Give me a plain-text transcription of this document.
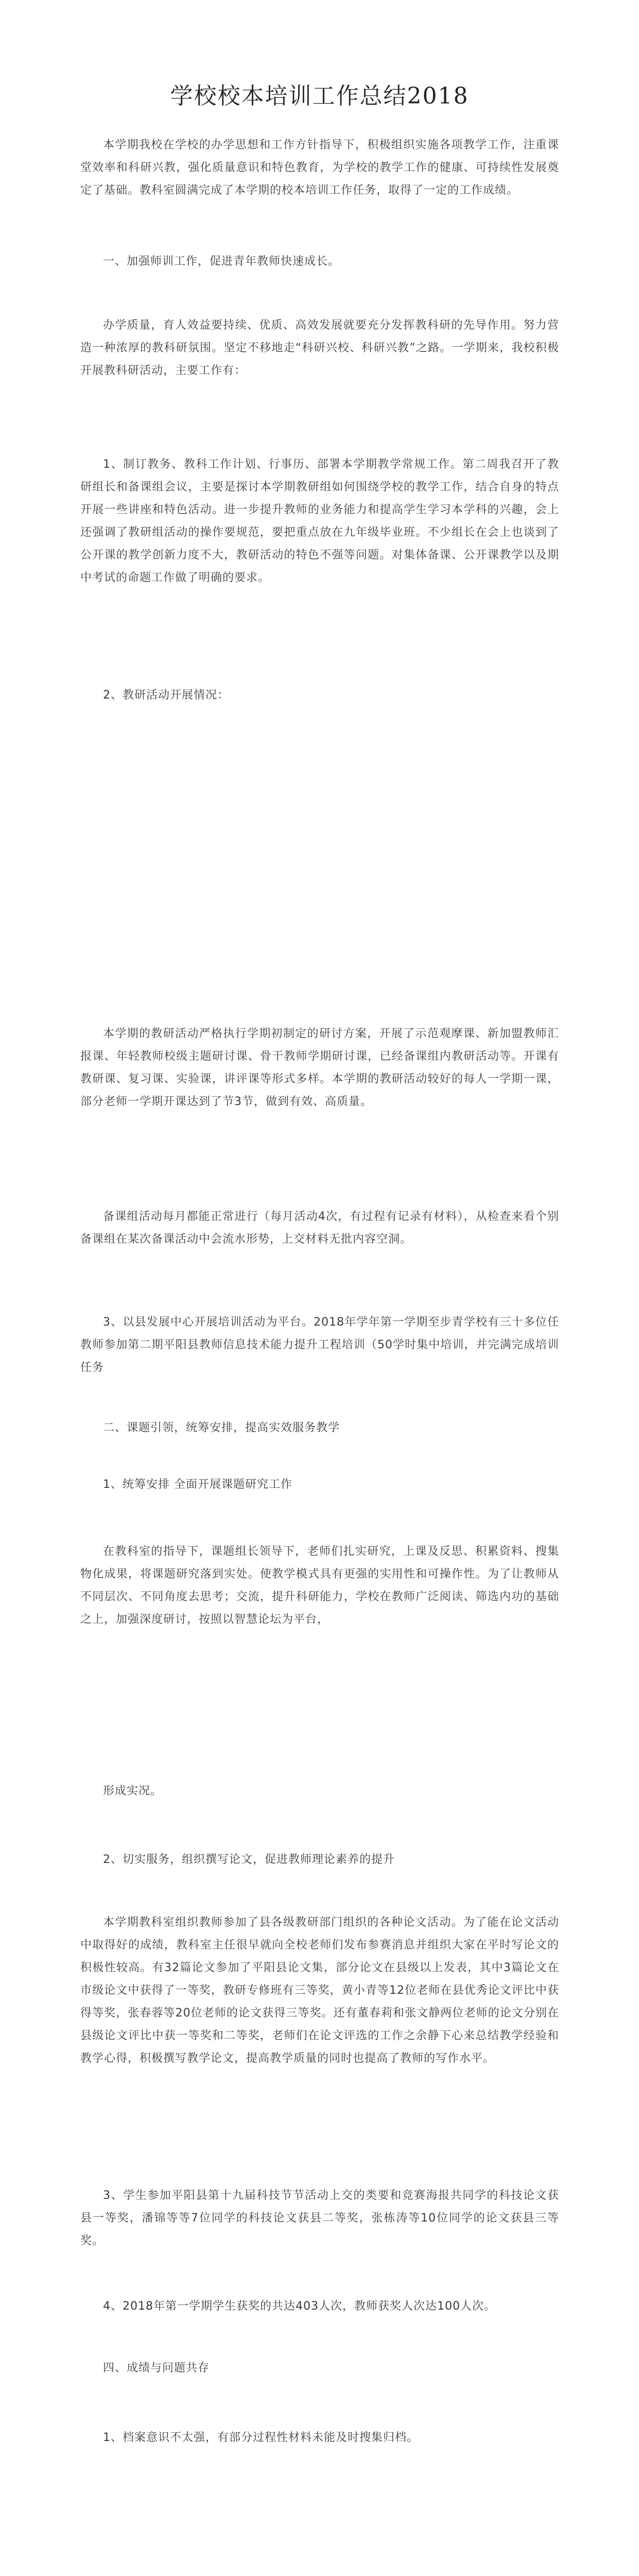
学校校本培训工作总结2018

本学期我校在学校的办学思想和工作方针指导下，积极组织实施各项教学工作，注重课堂效率和科研兴教，强化质量意识和特色教育，为学校的教学工作的健康、可持续性发展奠定了基础。教科室圆满完成了本学期的校本培训工作任务，取得了一定的工作成绩。

一、加强师训工作，促进青年教师快速成长。

办学质量，育人效益要持续、优质、高效发展就要充分发挥教科研的先导作用。努力营造一种浓厚的教科研氛围。坚定不移地走“科研兴校、科研兴教”之路。一学期来，我校积极开展教科研活动，主要工作有：

1、制订教务、教科工作计划、行事历、部署本学期教学常规工作。第二周我召开了教研组长和备课组会议，主要是探讨本学期教研组如何围绕学校的教学工作，结合自身的特点开展一些讲座和特色活动。进一步提升教师的业务能力和提高学生学习本学科的兴趣，会上还强调了教研组活动的操作要规范，要把重点放在九年级毕业班。不少组长在会上也谈到了公开课的教学创新力度不大，教研活动的特色不强等问题。对集体备课、公开课教学以及期中考试的命题工作做了明确的要求。

2、教研活动开展情况：

本学期的教研活动严格执行学期初制定的研讨方案，开展了示范观摩课、新加盟教师汇报课、年轻教师校级主题研讨课、骨干教师学期研讨课，已经备课组内教研活动等。开课有教研课、复习课、实验课，讲评课等形式多样。本学期的教研活动较好的每人一学期一课，部分老师一学期开课达到了节3节，做到有效、高质量。

备课组活动每月都能正常进行（每月活动4次，有过程有记录有材料），从检查来看个别备课组在某次备课活动中会流水形势，上交材料无批内容空洞。

3、以县发展中心开展培训活动为平台。2018年学年第一学期至步青学校有三十多位任教师参加第二期平阳县教师信息技术能力提升工程培训（50学时集中培训，并完满完成培训任务

二、课题引领，统筹安排，提高实效服务教学

1、统筹安排 全面开展课题研究工作

在教科室的指导下，课题组长领导下，老师们扎实研究，上课及反思、积累资料、搜集物化成果，将课题研究落到实处。使教学模式具有更强的实用性和可操作性。为了让教师从不同层次、不同角度去思考；交流，提升科研能力，学校在教师广泛阅读、筛选内功的基础之上，加强深度研讨，按照以智慧论坛为平台，

形成实况。

2、切实服务，组织撰写论文，促进教师理论素养的提升

本学期教科室组织教师参加了县各级教研部门组织的各种论文活动。为了能在论文活动中取得好的成绩，教科室主任很早就向全校老师们发布参赛消息并组织大家在平时写论文的积极性较高。有32篇论文参加了平阳县论文集，部分论文在县级以上发表，其中3篇论文在市级论文中获得了一等奖，教研专修班有三等奖，黄小青等12位老师在县优秀论文评比中获得等奖，张春蓉等20位老师的论文获得三等奖。还有董春莉和张文静两位老师的论文分别在县级论文评比中获一等奖和二等奖，老师们在论文评选的工作之余静下心来总结教学经验和教学心得，积极撰写教学论文，提高教学质量的同时也提高了教师的写作水平。

3、学生参加平阳县第十九届科技节节活动上交的类要和竞赛海报共同学的科技论文获县一等奖，潘锦等等7位同学的科技论文获县二等奖，张栋涛等10位同学的论文获县三等奖。

4、2018年第一学期学生获奖的共达403人次，教师获奖人次达100人次。

四、成绩与问题共存

1、档案意识不太强，有部分过程性材料未能及时搜集归档。
